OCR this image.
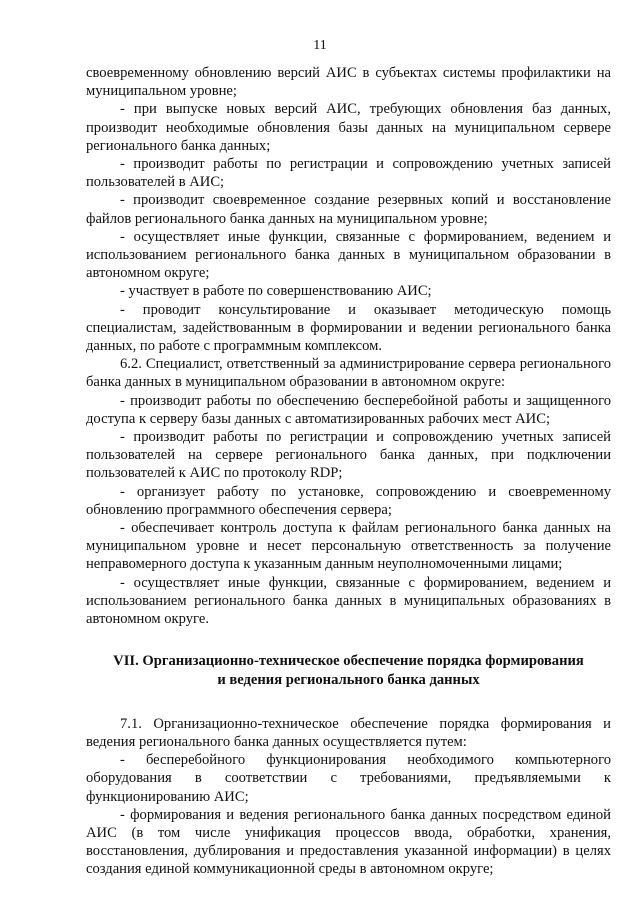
11

своевременному обновлению версий АИС в субъектах системы профилактики на муниципальном уровне;

- при выпуске новых версий АИС, требующих обновления баз данных, производит необходимые обновления базы данных на муниципальном сервере регионального банка данных;

- производит работы по регистрации и сопровождению учетных записей пользователей в АИС;

- производит своевременное создание резервных копий и восстановление файлов регионального банка данных на муниципальном уровне;

- осуществляет иные функции, связанные с формированием, ведением и использованием регионального банка данных в муниципальном образовании в автономном округе;

- участвует в работе по совершенствованию АИС;

- проводит консультирование и оказывает методическую помощь специалистам, задействованным в формировании и ведении регионального банка данных, по работе с программным комплексом.

6.2. Специалист, ответственный за администрирование сервера регионального банка данных в муниципальном образовании в автономном округе:

- производит работы по обеспечению бесперебойной работы и защищенного доступа к серверу базы данных с автоматизированных рабочих мест АИС;

- производит работы по регистрации и сопровождению учетных записей пользователей на сервере регионального банка данных, при подключении пользователей к АИС по протоколу RDP;

- организует работу по установке, сопровождению и своевременному обновлению программного обеспечения сервера;

- обеспечивает контроль доступа к файлам регионального банка данных на муниципальном уровне и несет персональную ответственность за получение неправомерного доступа к указанным данным неуполномоченными лицами;

- осуществляет иные функции, связанные с формированием, ведением и использованием регионального банка данных в муниципальных образованиях в автономном округе.

VII. Организационно-техническое обеспечение порядка формирования
и ведения регионального банка данных

7.1. Организационно-техническое обеспечение порядка формирования и ведения регионального банка данных осуществляется путем:

- бесперебойного функционирования необходимого компьютерного оборудования в соответствии с требованиями, предъявляемыми к функционированию АИС;

- формирования и ведения регионального банка данных посредством единой АИС (в том числе унификация процессов ввода, обработки, хранения, восстановления, дублирования и предоставления указанной информации) в целях создания единой коммуникационной среды в автономном округе;
